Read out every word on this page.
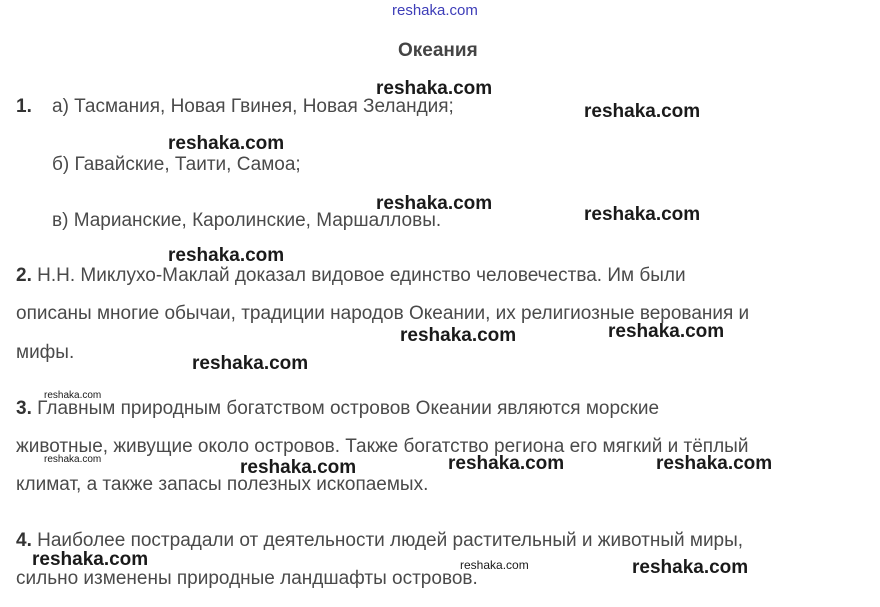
reshaka.com
Океания
1. а) Тасмания, Новая Гвинея, Новая Зеландия;
б) Гавайские, Таити, Самоа;
в) Марианские, Каролинские, Маршалловы.
2. Н.Н. Миклухо-Маклай доказал видовое единство человечества. Им были
описаны многие обычаи, традиции народов Океании, их религиозные верования и
мифы.
3. Главным природным богатством островов Океании являются морские
животные, живущие около островов. Также богатство региона его мягкий и тёплый
климат, а также запасы полезных ископаемых.
4. Наиболее пострадали от деятельности людей растительный и животный миры,
сильно изменены природные ландшафты островов.
reshaka.com
reshaka.com
reshaka.com
reshaka.com
reshaka.com
reshaka.com
reshaka.com	reshaka.com
reshaka.com
reshaka.com	reshaka.com	reshaka.com
reshaka.com	reshaka.com
reshaka.com
reshaka.com
reshaka.com
